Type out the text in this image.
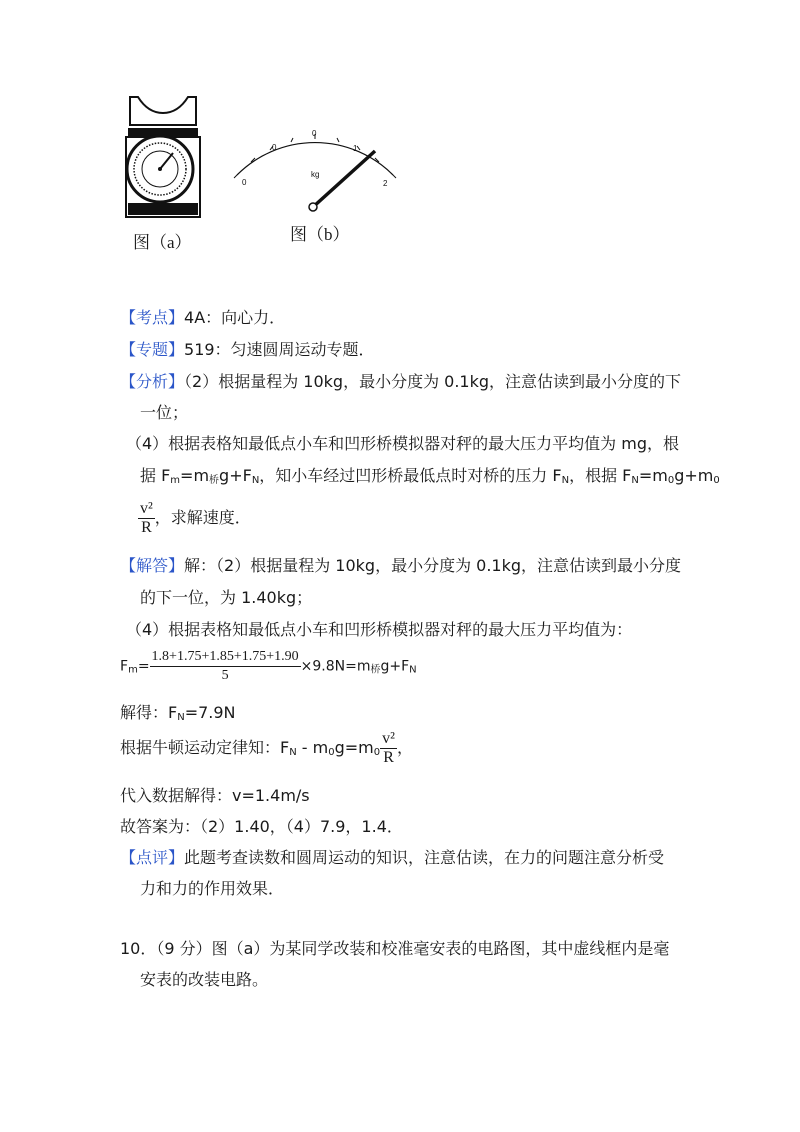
图（a）
0
0
0
1
2
kg
图（b）
【考点】4A：向心力．
【专题】519：匀速圆周运动专题．
【分析】（2）根据量程为 10kg，最小分度为 0.1kg，注意估读到最小分度的下
一位；
（4）根据表格知最低点小车和凹形桥模拟器对秤的最大压力平均值为 mg，根
据 $F_m=m_桥g+F_N$，知小车经过凹形桥最低点时对桥的压力 $F_N$，根据 $F_N=m_0g+m_0$
$\frac{\text{v²}}{R}$ ，求解速度．
【解答】解：（2）根据量程为 10kg，最小分度为 0.1kg，注意估读到最小分度
的下一位，为 1.40kg；
（4）根据表格知最低点小车和凹形桥模拟器对秤的最大压力平均值为：
$F_m= \frac{1.8+1.75+1.85+1.75+1.90}{5} \times 9.8N=m_桥g+F_N$
解得：$F_N=7.9N$
根据牛顿运动定律知：$F_N - m_0g=m_0 \frac{\text{v²}}{R}$ ，
代入数据解得：v=1.4m/s
故答案为：（2）1.40，（4）7.9，1.4．
【点评】此题考查读数和圆周运动的知识，注意估读，在力的问题注意分析受
力和力的作用效果．
10．（9 分）图（a）为某同学改装和校准毫安表的电路图，其中虚线框内是毫
安表的改装电路。
